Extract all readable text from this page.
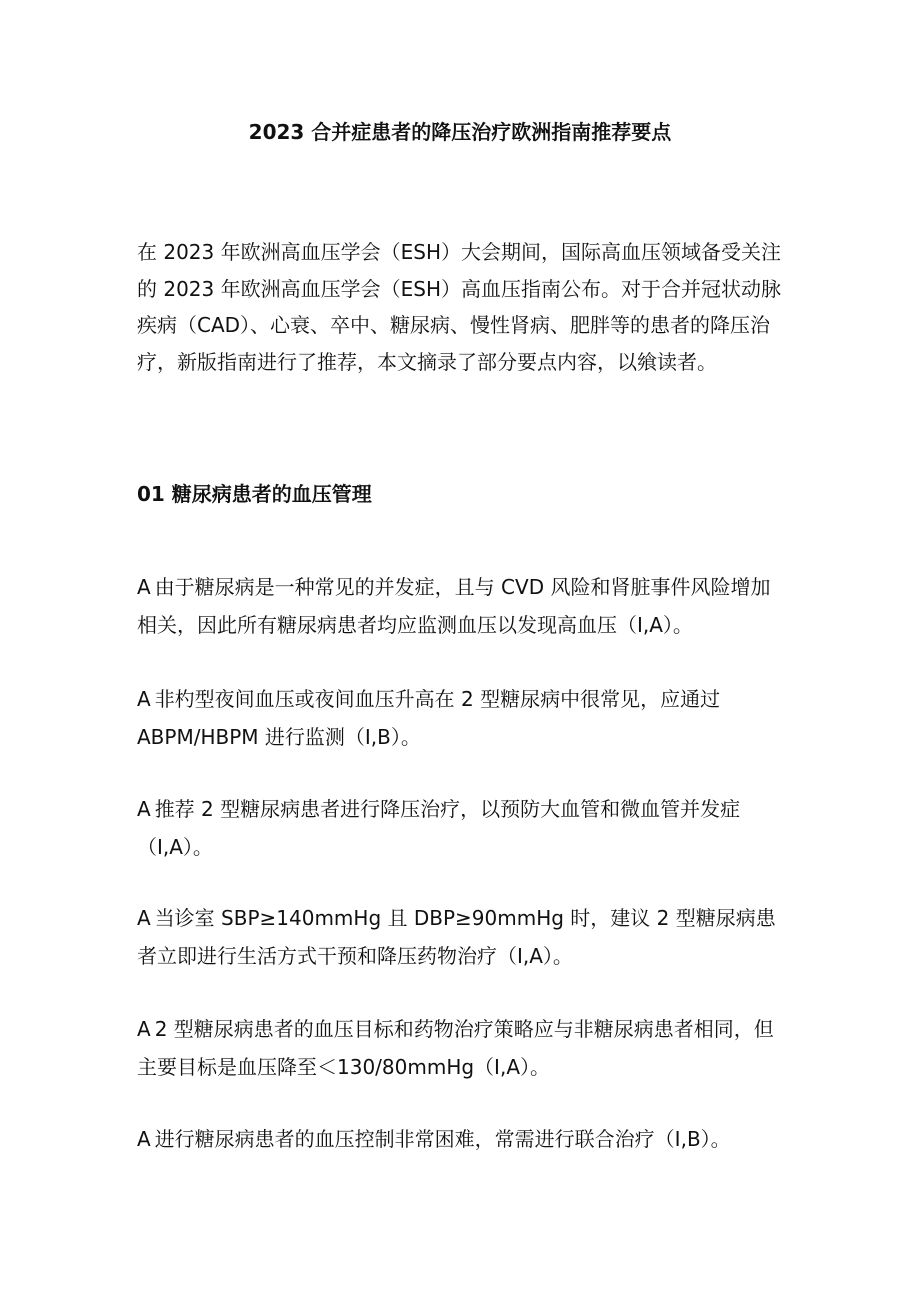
2023 合并症患者的降压治疗欧洲指南推荐要点

在 2023 年欧洲高血压学会（ESH）大会期间，国际高血压领域备受关注的 2023 年欧洲高血压学会（ESH）高血压指南公布。对于合并冠状动脉疾病（CAD）、心衰、卒中、糖尿病、慢性肾病、肥胖等的患者的降压治疗，新版指南进行了推荐，本文摘录了部分要点内容，以飨读者。

01 糖尿病患者的血压管理

A 由于糖尿病是一种常见的并发症，且与 CVD 风险和肾脏事件风险增加相关，因此所有糖尿病患者均应监测血压以发现高血压（I,A）。

A 非杓型夜间血压或夜间血压升高在 2 型糖尿病中很常见，应通过 ABPM/HBPM 进行监测（I,B）。

A 推荐 2 型糖尿病患者进行降压治疗，以预防大血管和微血管并发症（I,A）。

A 当诊室 SBP≥140mmHg 且 DBP≥90mmHg 时，建议 2 型糖尿病患者立即进行生活方式干预和降压药物治疗（I,A）。

A 2 型糖尿病患者的血压目标和药物治疗策略应与非糖尿病患者相同，但主要目标是血压降至＜130/80mmHg（I,A）。

A 进行糖尿病患者的血压控制非常困难，常需进行联合治疗（I,B）。
